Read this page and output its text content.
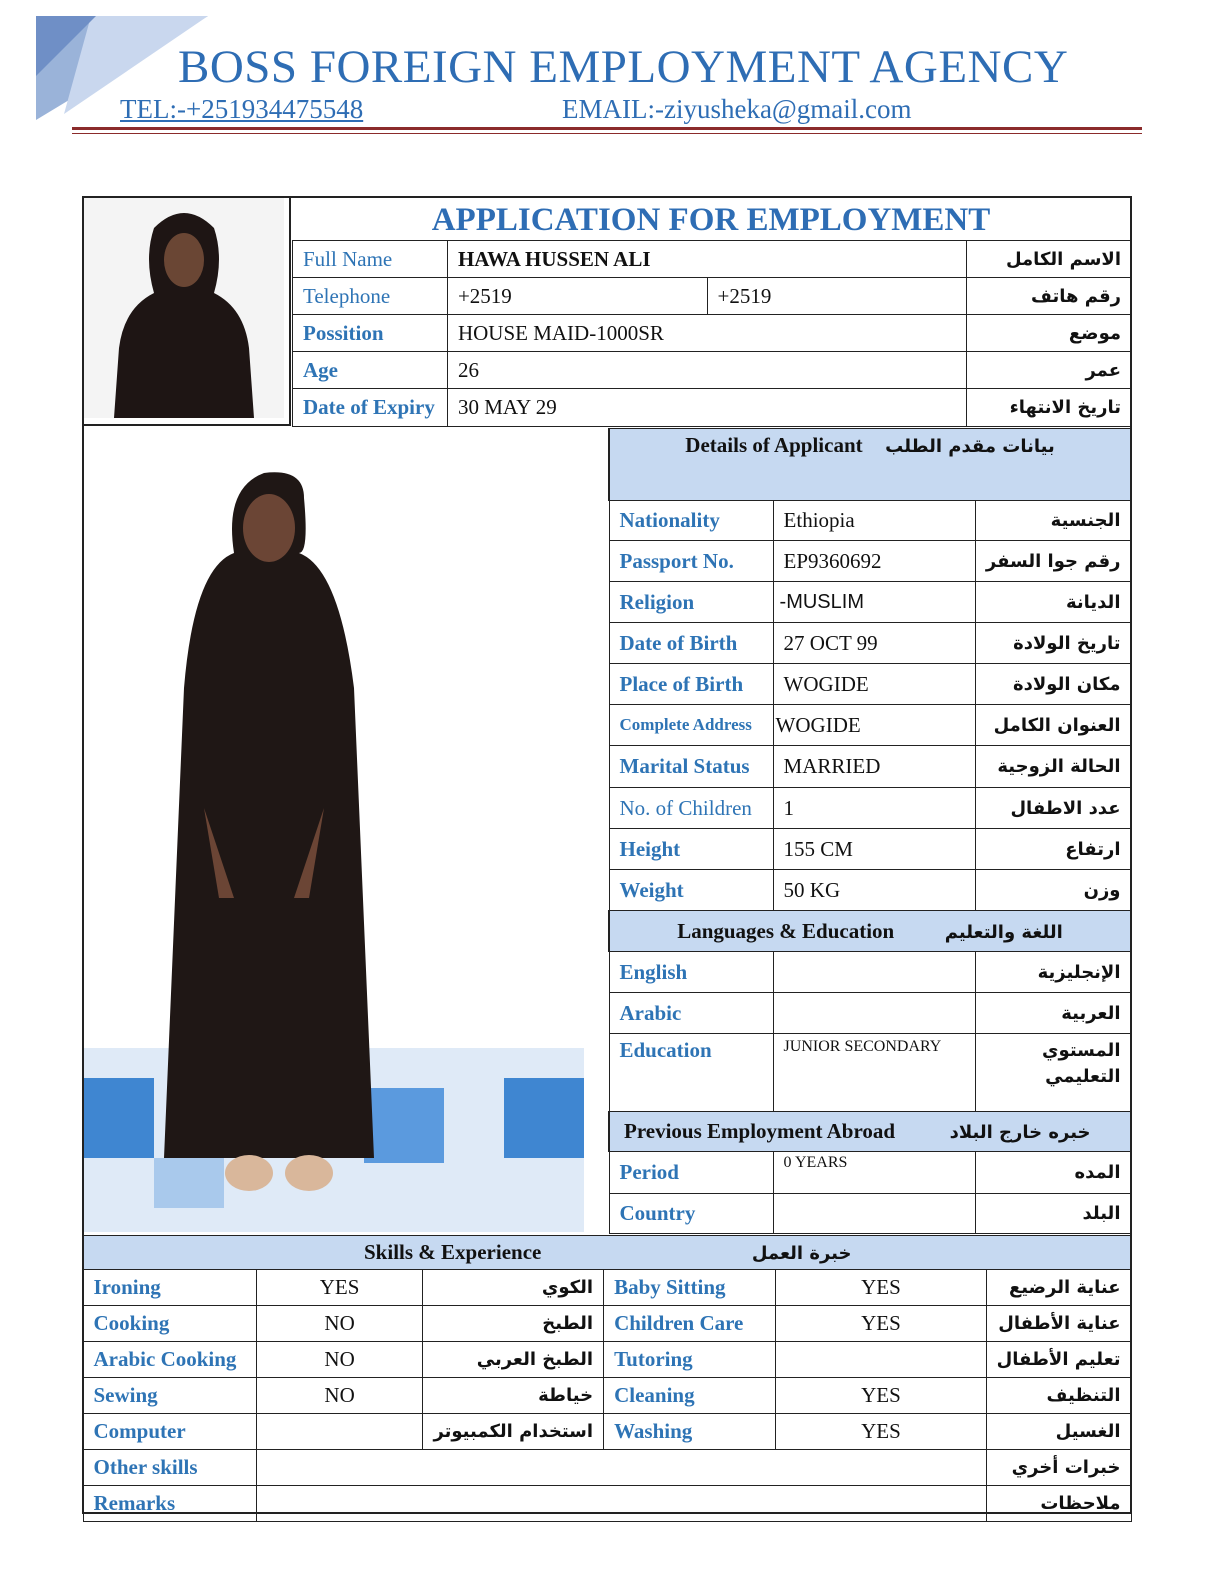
BOSS FOREIGN EMPLOYMENT AGENCY
TEL:-+251934475548	EMAIL:-ziyusheka@gmail.com
APPLICATION FOR EMPLOYMENT
Full Name	HAWA HUSSEN ALI		الاسم الكامل
Telephone	+2519	+2519	رقم هاتف
Possition	HOUSE MAID-1000SR		موضع
Age	26		عمر
Date of Expiry	30 MAY 29		تاريخ الانتهاء
Details of Applicant بيانات مقدم الطلب		
Nationality	Ethiopia	الجنسية
Passport No.	EP9360692	رقم جوا السفر
Religion	-MUSLIM	الديانة
Date of Birth	27 OCT 99	تاريخ الولادة
Place of Birth	WOGIDE	مكان الولادة
Complete Address	WOGIDE	العنوان الكامل
Marital Status	MARRIED	الحالة الزوجية
No. of Children	1	عدد الاطفال
Height	155 CM	ارتفاع
Weight	50 KG	وزن
Languages & Education اللغة والتعليم		
English		الإنجليزية
Arabic		العربية
Education	JUNIOR SECONDARY	المستوي التعليمي
Previous Employment Abroad خبره خارج البلاد		
Period	0 YEARS	المده
Country		البلد
Skills & Experience خبرة العمل					
Ironing	YES	الكوي	Baby Sitting	YES	عناية الرضيع
Cooking	NO	الطبخ	Children Care	YES	عناية الأطفال
Arabic Cooking	NO	الطبخ العربي	Tutoring		تعليم الأطفال
Sewing	NO	خياطة	Cleaning	YES	التنظيف
Computer		استخدام الكمبيوتر	Washing	YES	الغسيل
Other skills					خبرات أخري
Remarks					ملاحظات
